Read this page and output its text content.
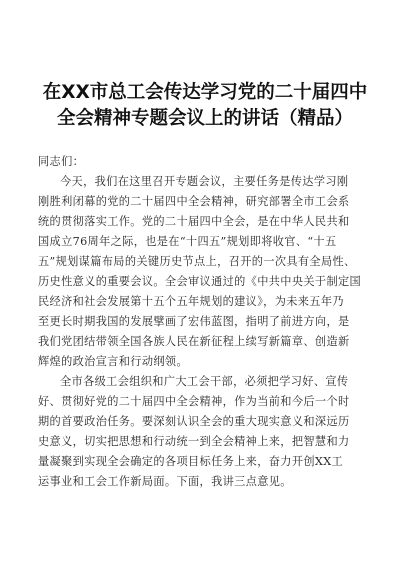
在XX市总工会传达学习党的二十届四中
全会精神专题会议上的讲话（精品）
同志们：
今天，我们在这里召开专题会议，主要任务是传达学习刚
刚胜利闭幕的党的二十届四中全会精神，研究部署全市工会系
统的贯彻落实工作。党的二十届四中全会，是在中华人民共和
国成立76周年之际，也是在“十四五”规划即将收官、“十五
五”规划谋篇布局的关键历史节点上，召开的一次具有全局性、
历史性意义的重要会议。全会审议通过的《中共中央关于制定国
民经济和社会发展第十五个五年规划的建议》，为未来五年乃
至更长时期我国的发展擘画了宏伟蓝图，指明了前进方向，是
我们党团结带领全国各族人民在新征程上续写新篇章、创造新
辉煌的政治宣言和行动纲领。
全市各级工会组织和广大工会干部，必须把学习好、宣传
好、贯彻好党的二十届四中全会精神，作为当前和今后一个时
期的首要政治任务。要深刻认识全会的重大现实意义和深远历
史意义，切实把思想和行动统一到全会精神上来，把智慧和力
量凝聚到实现全会确定的各项目标任务上来，奋力开创XX工
运事业和工会工作新局面。下面，我讲三点意见。
